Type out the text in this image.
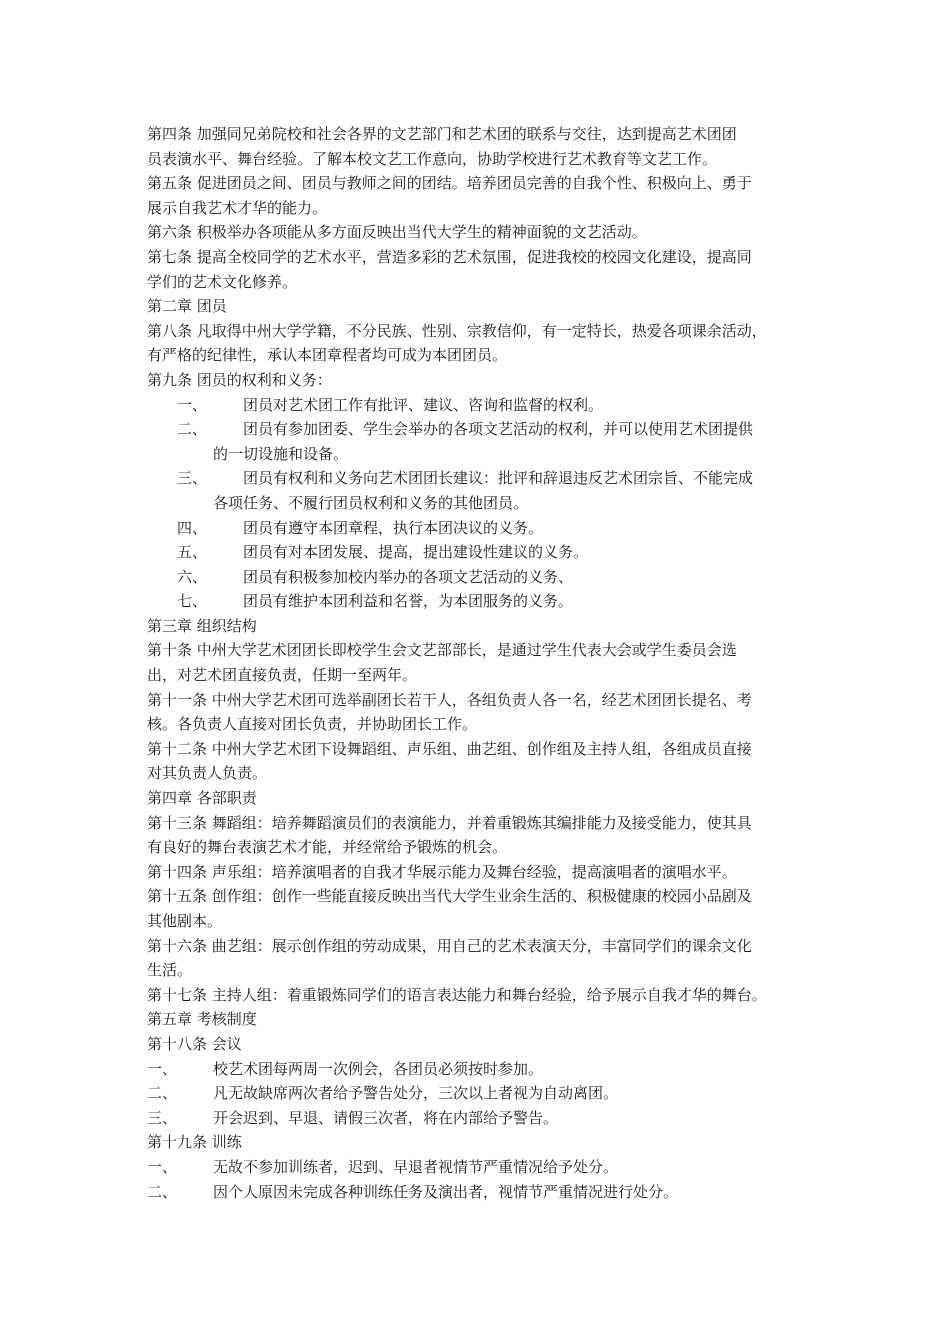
第四条 加强同兄弟院校和社会各界的文艺部门和艺术团的联系与交往，达到提高艺术团团
员表演水平、舞台经验。了解本校文艺工作意向，协助学校进行艺术教育等文艺工作。
第五条 促进团员之间、团员与教师之间的团结。培养团员完善的自我个性、积极向上、勇于
展示自我艺术才华的能力。
第六条 积极举办各项能从多方面反映出当代大学生的精神面貌的文艺活动。
第七条 提高全校同学的艺术水平，营造多彩的艺术氛围，促进我校的校园文化建设，提高同
学们的艺术文化修养。
第二章 团员
第八条 凡取得中州大学学籍，不分民族、性别、宗教信仰，有一定特长，热爱各项课余活动，
有严格的纪律性，承认本团章程者均可成为本团团员。
第九条 团员的权利和义务：
一、 团员对艺术团工作有批评、建议、咨询和监督的权利。
二、 团员有参加团委、学生会举办的各项文艺活动的权利，并可以使用艺术团提供
的一切设施和设备。
三、 团员有权利和义务向艺术团团长建议：批评和辞退违反艺术团宗旨、不能完成
各项任务、不履行团员权利和义务的其他团员。
四、 团员有遵守本团章程，执行本团决议的义务。
五、 团员有对本团发展、提高，提出建设性建议的义务。
六、 团员有积极参加校内举办的各项文艺活动的义务、
七、 团员有维护本团利益和名誉，为本团服务的义务。
第三章 组织结构
第十条 中州大学艺术团团长即校学生会文艺部部长，是通过学生代表大会或学生委员会选
出，对艺术团直接负责，任期一至两年。
第十一条 中州大学艺术团可选举副团长若干人，各组负责人各一名，经艺术团团长提名、考
核。各负责人直接对团长负责，并协助团长工作。
第十二条 中州大学艺术团下设舞蹈组、声乐组、曲艺组、创作组及主持人组，各组成员直接
对其负责人负责。
第四章 各部职责
第十三条 舞蹈组：培养舞蹈演员们的表演能力，并着重锻炼其编排能力及接受能力，使其具
有良好的舞台表演艺术才能，并经常给予锻炼的机会。
第十四条 声乐组：培养演唱者的自我才华展示能力及舞台经验，提高演唱者的演唱水平。
第十五条 创作组：创作一些能直接反映出当代大学生业余生活的、积极健康的校园小品剧及
其他剧本。
第十六条 曲艺组：展示创作组的劳动成果，用自己的艺术表演天分，丰富同学们的课余文化
生活。
第十七条 主持人组：着重锻炼同学们的语言表达能力和舞台经验，给予展示自我才华的舞台。
第五章 考核制度
第十八条 会议
一、 校艺术团每两周一次例会，各团员必须按时参加。
二、 凡无故缺席两次者给予警告处分，三次以上者视为自动离团。
三、 开会迟到、早退、请假三次者，将在内部给予警告。
第十九条 训练
一、 无故不参加训练者，迟到、早退者视情节严重情况给予处分。
二、 因个人原因未完成各种训练任务及演出者，视情节严重情况进行处分。
